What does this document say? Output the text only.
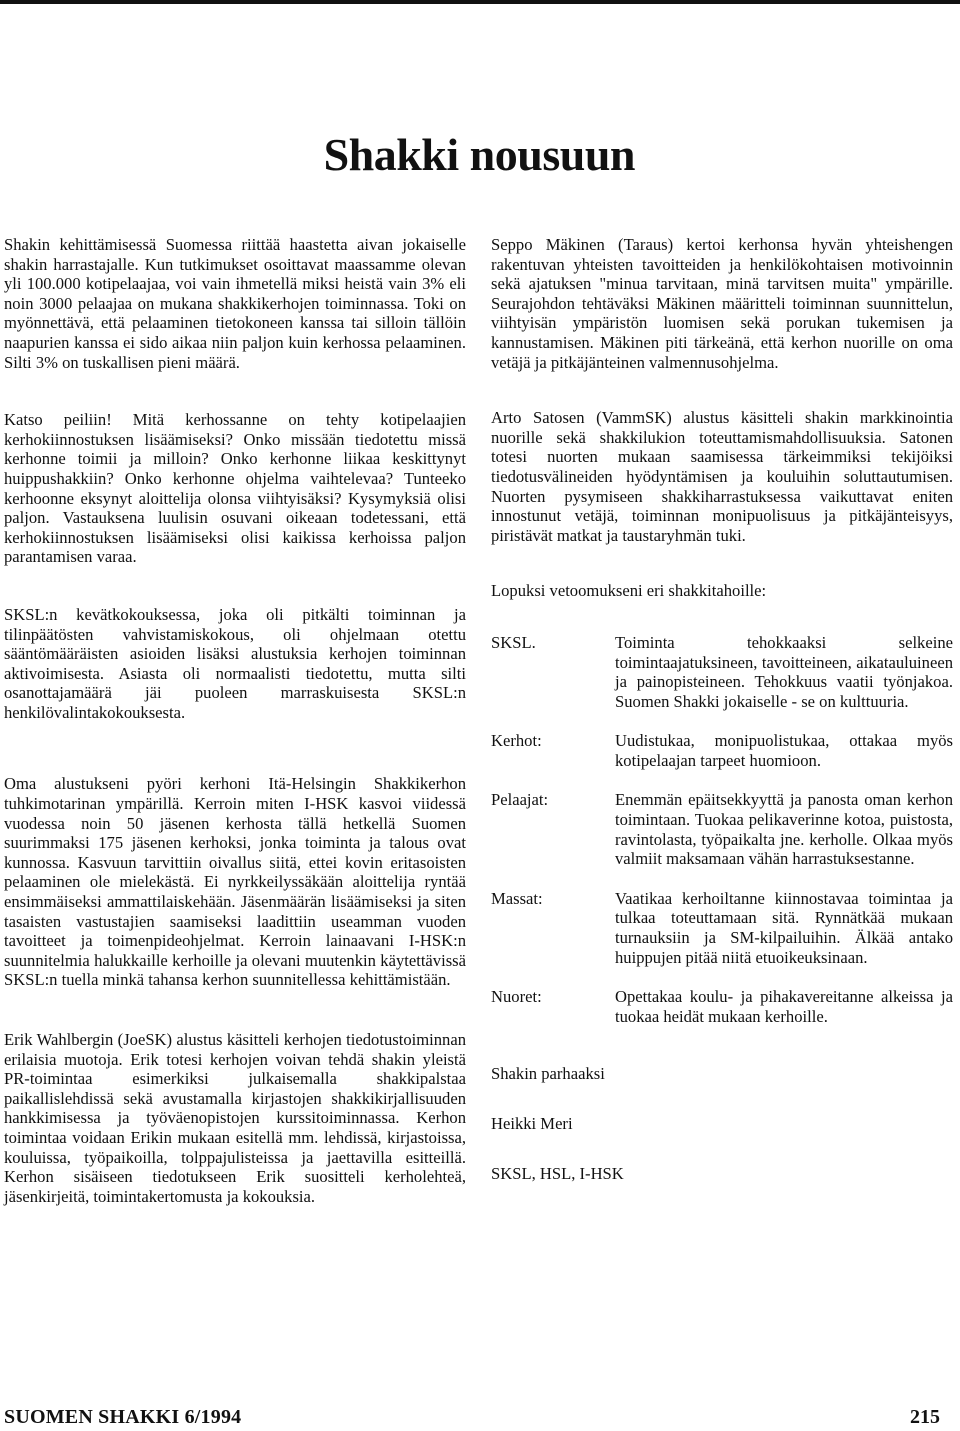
Shakki nousuun

Shakin kehittämisessä Suomessa riittää haastetta aivan jokaiselle shakin harrastajalle. Kun tutkimukset osoittavat maassamme olevan yli 100.000 kotipelaajaa, voi vain ihmetellä miksi heistä vain 3% eli noin 3000 pelaajaa on mukana shakkikerhojen toiminnassa. Toki on myönnettävä, että pelaaminen tietokoneen kanssa tai silloin tällöin naapurien kanssa ei sido aikaa niin paljon kuin kerhossa pelaaminen. Silti 3% on tuskallisen pieni määrä.

Katso peiliin! Mitä kerhossanne on tehty kotipelaajien kerhokiinnostuksen lisäämiseksi? Onko missään tiedotettu missä kerhonne toimii ja milloin? Onko kerhonne liikaa keskittynyt huippushakkiin? Onko kerhonne ohjelma vaihtelevaa? Tunteeko kerhoonne eksynyt aloittelija olonsa viihtyisäksi? Kysymyksiä olisi paljon. Vastauksena luulisin osuvani oikeaan todetessani, että kerhokiinnostuksen lisäämiseksi olisi kaikissa kerhoissa paljon parantamisen varaa.

SKSL:n kevätkokouksessa, joka oli pitkälti toiminnan ja tilinpäätösten vahvistamiskokous, oli ohjelmaan otettu sääntömääräisten asioiden lisäksi alustuksia kerhojen toiminnan aktivoimisesta. Asiasta oli normaalisti tiedotettu, mutta silti osanottajamäärä jäi puoleen marraskuisesta SKSL:n henkilövalintakokouksesta.

Oma alustukseni pyöri kerhoni Itä-Helsingin Shakkikerhon tuhkimotarinan ympärillä. Kerroin miten I-HSK kasvoi viidessä vuodessa noin 50 jäsenen kerhosta tällä hetkellä Suomen suurimmaksi 175 jäsenen kerhoksi, jonka toiminta ja talous ovat kunnossa. Kasvuun tarvittiin oivallus siitä, ettei kovin eritasoisten pelaaminen ole mielekästä. Ei nyrkkeilyssäkään aloittelija ryntää ensimmäiseksi ammattilaiskehään. Jäsenmäärän lisäämiseksi ja siten tasaisten vastustajien saamiseksi laadittiin useamman vuoden tavoitteet ja toimenpideohjelmat. Kerroin lainaavani I-HSK:n suunnitelmia halukkaille kerhoille ja olevani muutenkin käytettävissä SKSL:n tuella minkä tahansa kerhon suunnitellessa kehittämistään.

Erik Wahlbergin (JoeSK) alustus käsitteli kerhojen tiedotustoiminnan erilaisia muotoja. Erik totesi kerhojen voivan tehdä shakin yleistä PR-toimintaa esimerkiksi julkaisemalla shakkipalstaa paikallislehdissä sekä avustamalla kirjastojen shakkikirjallisuuden hankkimisessa ja työväenopistojen kurssitoiminnassa. Kerhon toimintaa voidaan Erikin mukaan esitellä mm. lehdissä, kirjastoissa, kouluissa, työpaikoilla, tolppajulisteissa ja jaettavilla esitteillä. Kerhon sisäiseen tiedotukseen Erik suositteli kerholehteä, jäsenkirjeitä, toimintakertomusta ja kokouksia.

Seppo Mäkinen (Taraus) kertoi kerhonsa hyvän yhteishengen rakentuvan yhteisten tavoitteiden ja henkilökohtaisen motivoinnin sekä ajatuksen "minua tarvitaan, minä tarvitsen muita" ympärille. Seurajohdon tehtäväksi Mäkinen määritteli toiminnan suunnittelun, viihtyisän ympäristön luomisen sekä porukan tukemisen ja kannustamisen. Mäkinen piti tärkeänä, että kerhon nuorille on oma vetäjä ja pitkäjänteinen valmennusohjelma.

Arto Satosen (VammSK) alustus käsitteli shakin markkinointia nuorille sekä shakkilukion toteuttamismahdollisuuksia. Satonen totesi nuorten mukaan saamisessa tärkeimmiksi tekijöiksi tiedotusvälineiden hyödyntämisen ja kouluihin soluttautumisen. Nuorten pysymiseen shakkiharrastuksessa vaikuttavat eniten innostunut vetäjä, toiminnan monipuolisuus ja pitkäjänteisyys, piristävät matkat ja taustaryhmän tuki.

Lopuksi vetoomukseni eri shakkitahoille:

SKSL.	Toiminta tehokkaaksi selkeine toimintaajatuksineen, tavoitteineen, aikatauluineen ja painopisteineen. Tehokkuus vaatii työnjakoa. Suomen Shakki jokaiselle - se on kulttuuria.
Kerhot:	Uudistukaa, monipuolistukaa, ottakaa myös kotipelaajan tarpeet huomioon.
Pelaajat:	Enemmän epäitsekkyyttä ja panosta oman kerhon toimintaan. Tuokaa pelikaverinne kotoa, puistosta, ravintolasta, työpaikalta jne. kerholle. Olkaa myös valmiit maksamaan vähän harrastuksestanne.
Massat:	Vaatikaa kerhoiltanne kiinnostavaa toimintaa ja tulkaa toteuttamaan sitä. Rynnätkää mukaan turnauksiin ja SM-kilpailuihin. Älkää antako huippujen pitää niitä etuoikeuksinaan.
Nuoret:	Opettakaa koulu- ja pihakavereitanne alkeissa ja tuokaa heidät mukaan kerhoille.

Shakin parhaaksi

Heikki Meri

SKSL, HSL, I-HSK

SUOMEN SHAKKI 6/1994	215
